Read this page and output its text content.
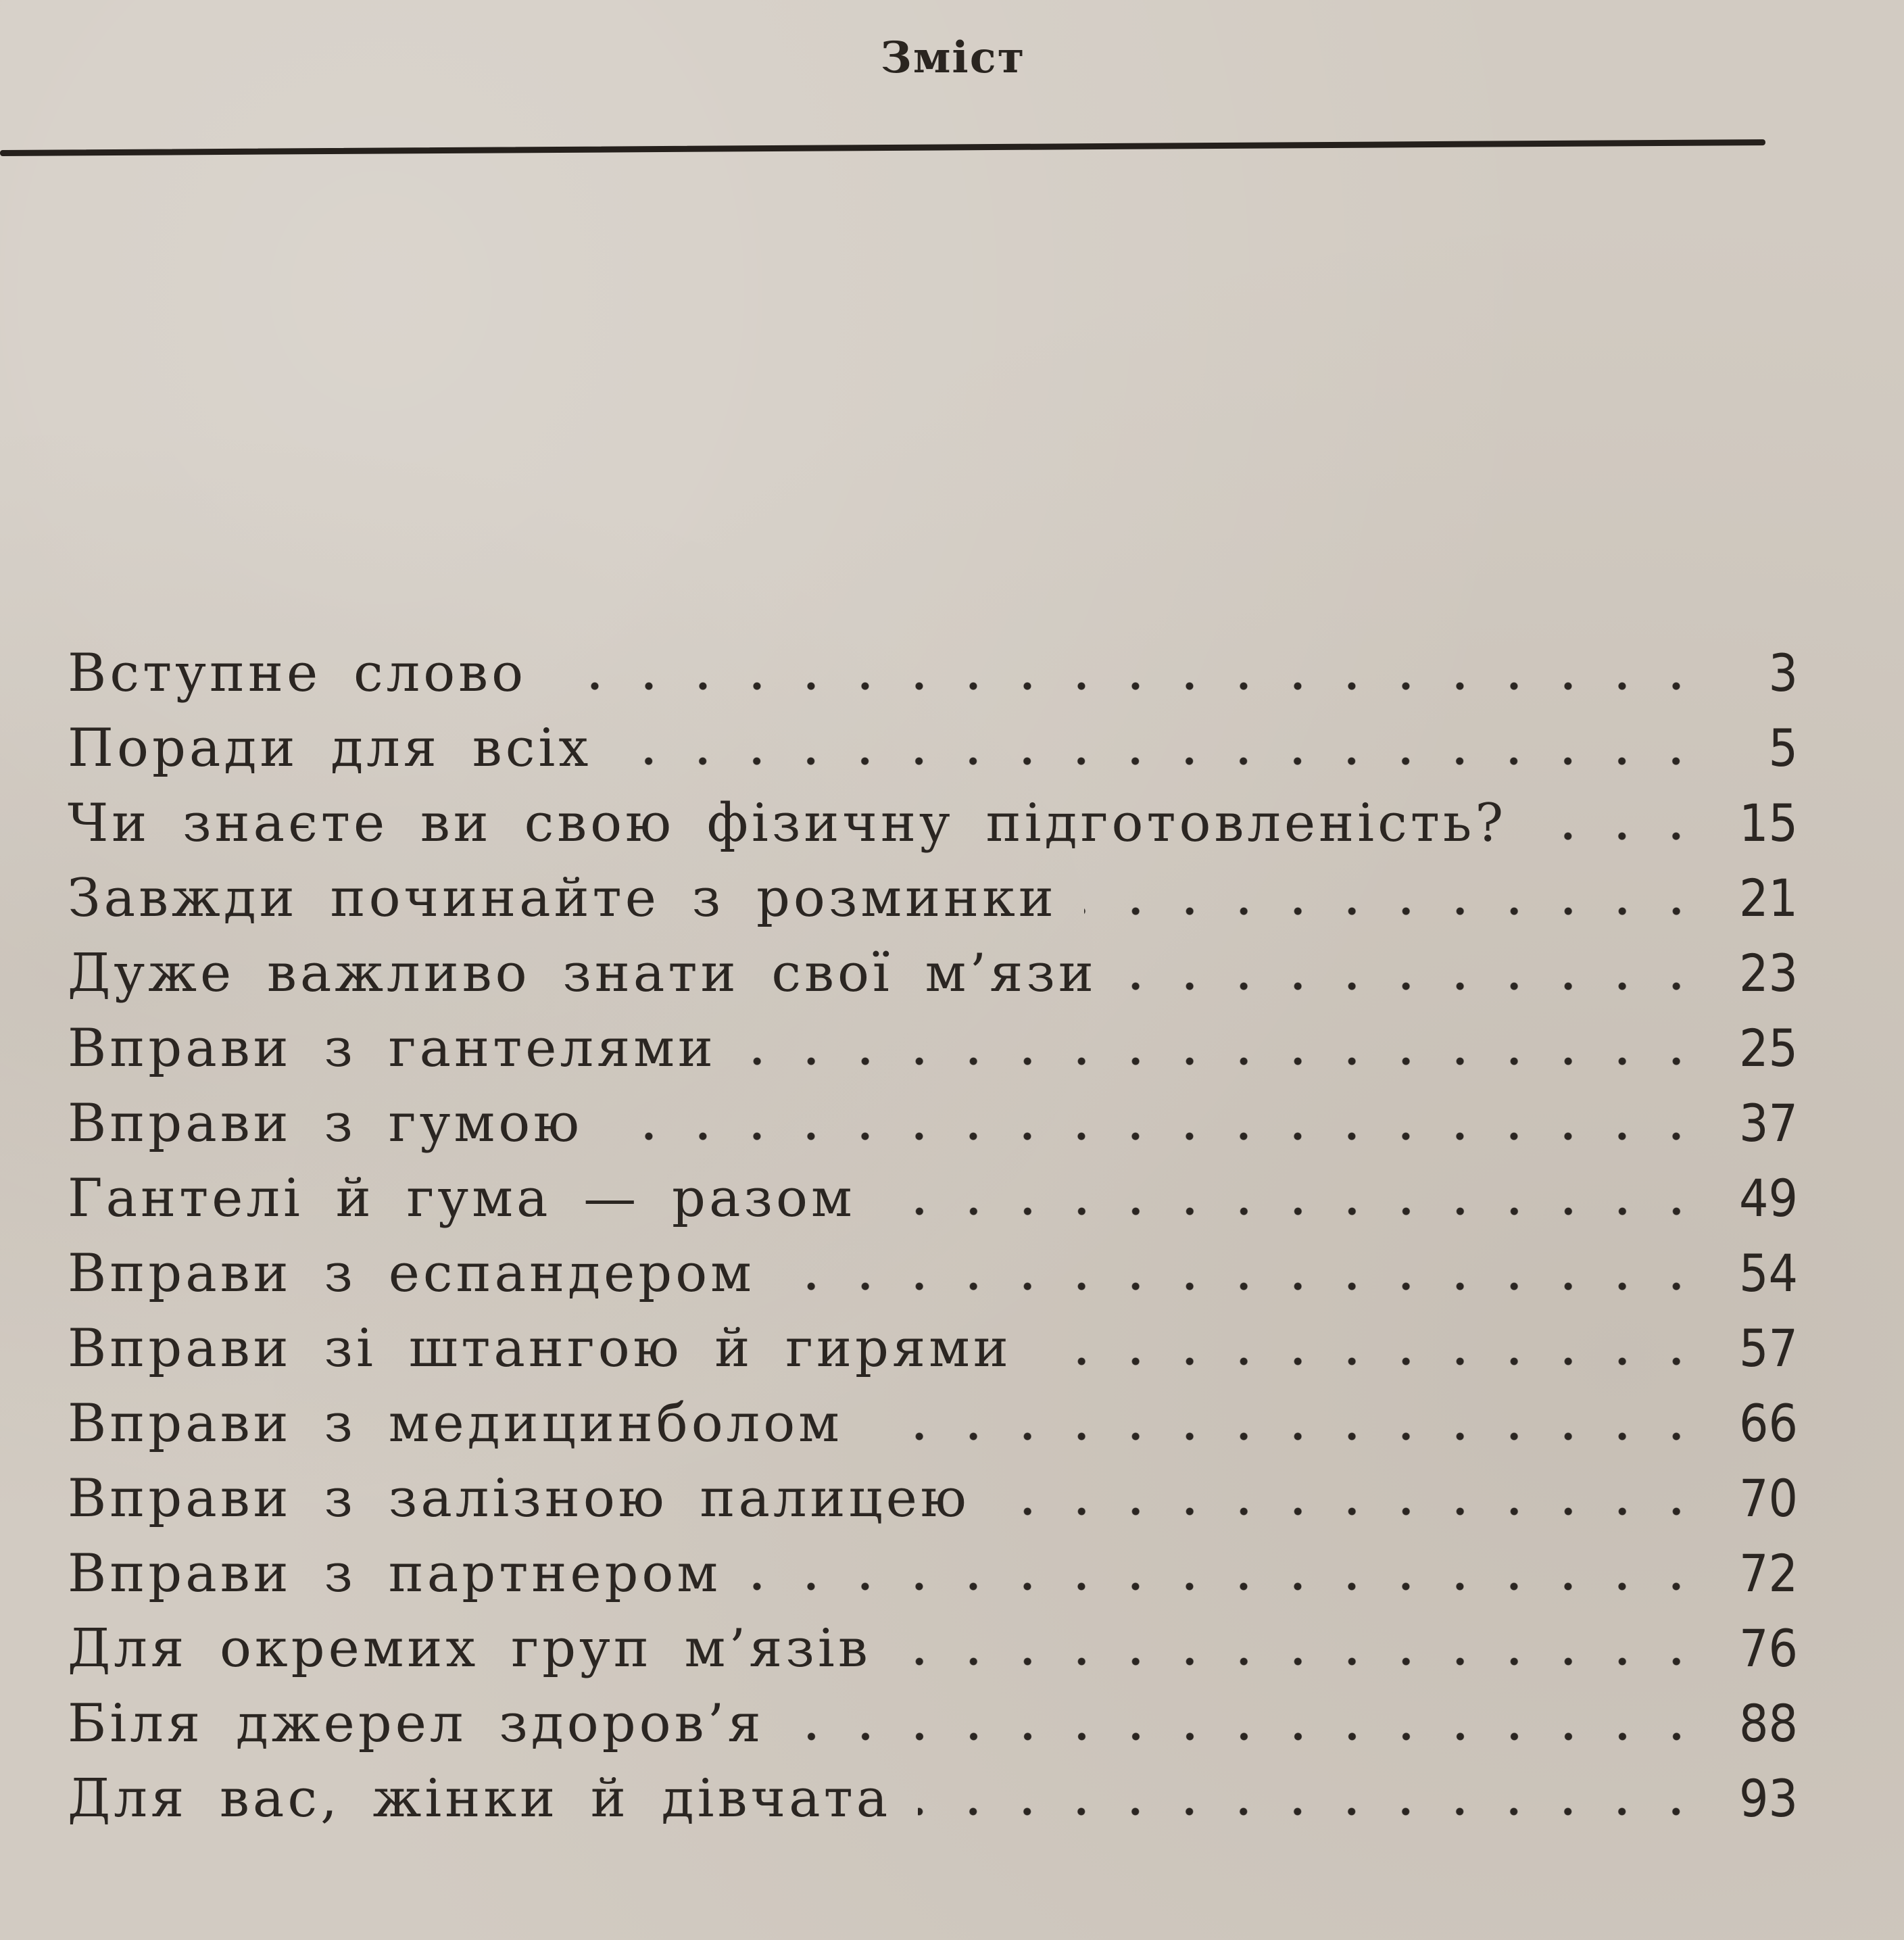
Зміст
Вступне слово	3
Поради для всіх	5
Чи знаєте ви свою фізичну підготовленість?	15
Завжди починайте з розминки	21
Дуже важливо знати свої м’язи	23
Вправи з гантелями	25
Вправи з гумою	37
Гантелі й гума — разом	49
Вправи з еспандером	54
Вправи зі штангою й гирями	57
Вправи з медицинболом	66
Вправи з залізною палицею	70
Вправи з партнером	72
Для окремих груп м’язів	76
Біля джерел здоров’я	88
Для вас, жінки й дівчата	93
